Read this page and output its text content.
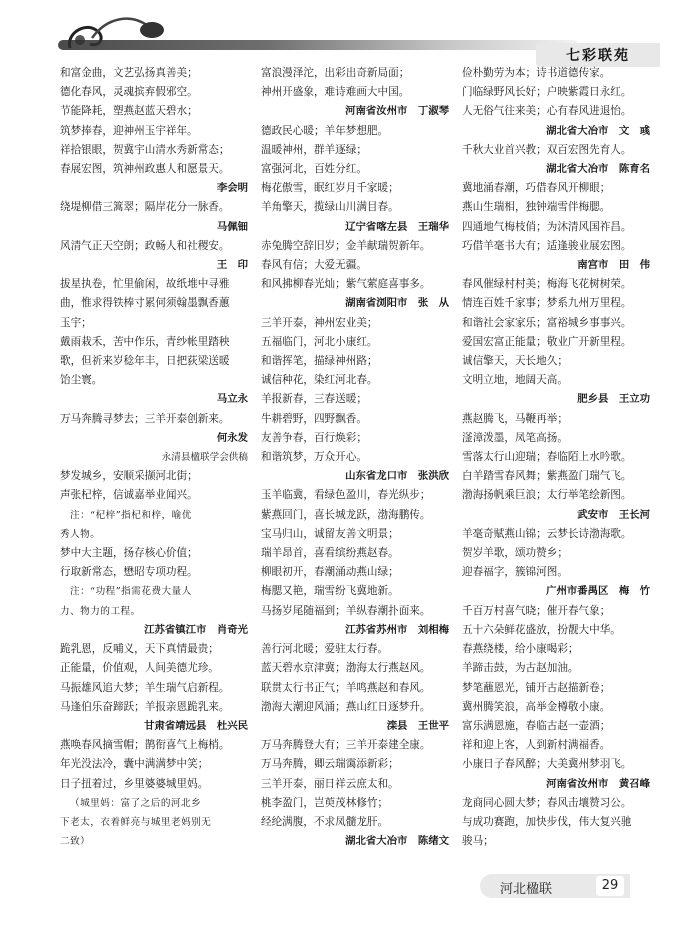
七彩联苑

和富金曲，文艺弘扬真善美；

德化春风，灵魂摈弃假邪空。

节能降耗，塑燕赵蓝天碧水；

筑梦捧春，迎神州玉宇祥年。

祥拾银眼，贺冀宇山清水秀新常态；

春展宏图，筑神州政惠人和愿景天。

李会明

绕堤柳借三篙翠；隔岸花分一脉香。

马佩钿

风清气正天空朗；政畅人和社稷安。

王　印

拔星执卷，忙里偷闲，故纸堆中寻雅

曲，惟求得铁棒寸累何须翰墨飘香蕙

玉宇；

戴雨栽禾，苦中作乐，青纱帐里踏秧

歌，但祈来岁稔年丰，日把荻梁送暖

饴尘寰。

马立永

万马奔腾寻梦去；三羊开泰创新来。

何永发

永清县楹联学会供稿

梦发城乡，安顺采撷河北街；

声张杞梓，信诚嘉举业闻兴。

注：“杞梓”指杞和梓，喻优

秀人物。

梦中大主题，扬存核心价值；

行取新常态，懋昭专项功程。

注：“功程”指需花费大量人

力、物力的工程。

江苏省镇江市　肖奇光

跪乳恩，反哺义，天下真情最贵；

正能量，价值观，人间美德尤珍。

马振雄风追大梦；羊生瑞气启新程。

马逢伯乐奋蹄跃；羊报亲恩跪乳来。

甘肃省靖远县　杜兴民

燕唤春风摘雪帽；鹊衔喜气上梅梢。

年光没法冷，囊中满满梦中笑；

日子扭着过，乡里婆婆城里妈。

（城里妈：富了之后的河北乡

下老太，衣着鲜亮与城里老妈别无

二致）

富浪漫泽沱，出彩出奇新局面；

神州开盛象，难诗难画大中国。

河南省汝州市　丁淑琴

德政民心暖；羊年梦想肥。

温暖神州，群羊逐绿；

富强河北，百姓分红。

梅花傲雪，眠红岁月千家暖；

羊角擎天，揽绿山川满目春。

辽宁省喀左县　王瑞华

赤兔腾空辞旧岁；金羊献瑞贺新年。

春风有信；大爱无疆。

和风拂柳春光灿；紫气萦庭喜事多。

湖南省浏阳市　张　从

三羊开泰，神州宏业美；

五福临门，河北小康红。

和谐挥笔，描绿神州路；

诚信种花，染红河北春。

羊报新春，三春送暖；

牛耕碧野，四野飘香。

友善争春，百行焕彩；

和谐筑梦，万众开心。

山东省龙口市　张洪欣

玉羊临冀，看绿色盈川，春光纵步；

紫燕回门，喜长城龙跃，渤海鹏传。

宝马归山，诚留友善文明景；

瑞羊昂首，喜看缤纷燕赵春。

柳眼初开，春潮涌动燕山绿；

梅腮又艳，瑞雪纷飞冀地新。

马扬岁尾随福到；羊纵春潮扑面来。

江苏省苏州市　刘相梅

善行河北暖；爱驻太行春。

蓝天碧水京津冀；渤海太行燕赵风。

联贯太行书正气；羊鸣燕赵和春风。

渤海大潮迎风涌；燕山红日逐梦升。

滦县　王世平

万马奔腾登大有；三羊开泰建全康。

万马奔腾，卿云瑞霭添新彩；

三羊开泰，丽日祥云庶太和。

桃李盈门，岂萸茂林修竹；

经纶满腹，不求凤髓龙肝。

湖北省大冶市　陈绪文

俭朴勤劳为本；诗书道德传家。

门临绿野风长好；户映紫霞日永红。

人无俗气往来美；心有春风进退怡。

湖北省大冶市　文　彧

千秋大业首兴教；双百宏图先育人。

湖北省大冶市　陈育名

冀地涌春潮，巧借春风开柳眼；

燕山生瑞相，独钟端雪伴梅腮。

四通地气梅枝俏；为沐清风国祚昌。

巧借羊毫书大有；适逢骏业展宏图。

南宫市　田　伟

春风催绿村村美；梅海飞花树树荣。

情连百姓千家事；梦系九州万里程。

和谐社会家家乐；富裕城乡事事兴。

爱国宏富正能量；敬业广开新里程。

诚信擎天，天长地久；

文明立地，地阔天高。

肥乡县　王立功

燕赵腾飞，马鞭再举；

滏漳泼墨，凤笔高扬。

雪落太行山迎瑞；春临陌上水吟歌。

白羊踏雪春风舞；紫燕盈门瑞气飞。

渤海扬帆乘巨浪；太行举笔绘新图。

武安市　王长河

羊毫奇赋燕山锦；云梦长诗渤海歌。

贺岁羊歌，颂功赞乡；

迎春福字，簇锦河图。

广州市番禺区　梅　竹

千百万村喜气晓；催开春气象；

五十六朵鲜花盛放，扮靓大中华。

春燕绕楼，给小康喝彩；

羊蹄击鼓，为古赵加油。

梦笔蘸恩光，铺开古赵描新卷；

冀州腾笑浪，高举金樽敬小康。

富乐满恩施，春临古赵一壶酒；

祥和迎上客，人到新村满福香。

小康日子春风醉；大美冀州梦羽飞。

河南省汝州市　黄召峰

龙商同心圆大梦；春风击壤赞习公。

与成功赛跑，加快步伐，伟大复兴驰

骏马；

河北楹联	29
